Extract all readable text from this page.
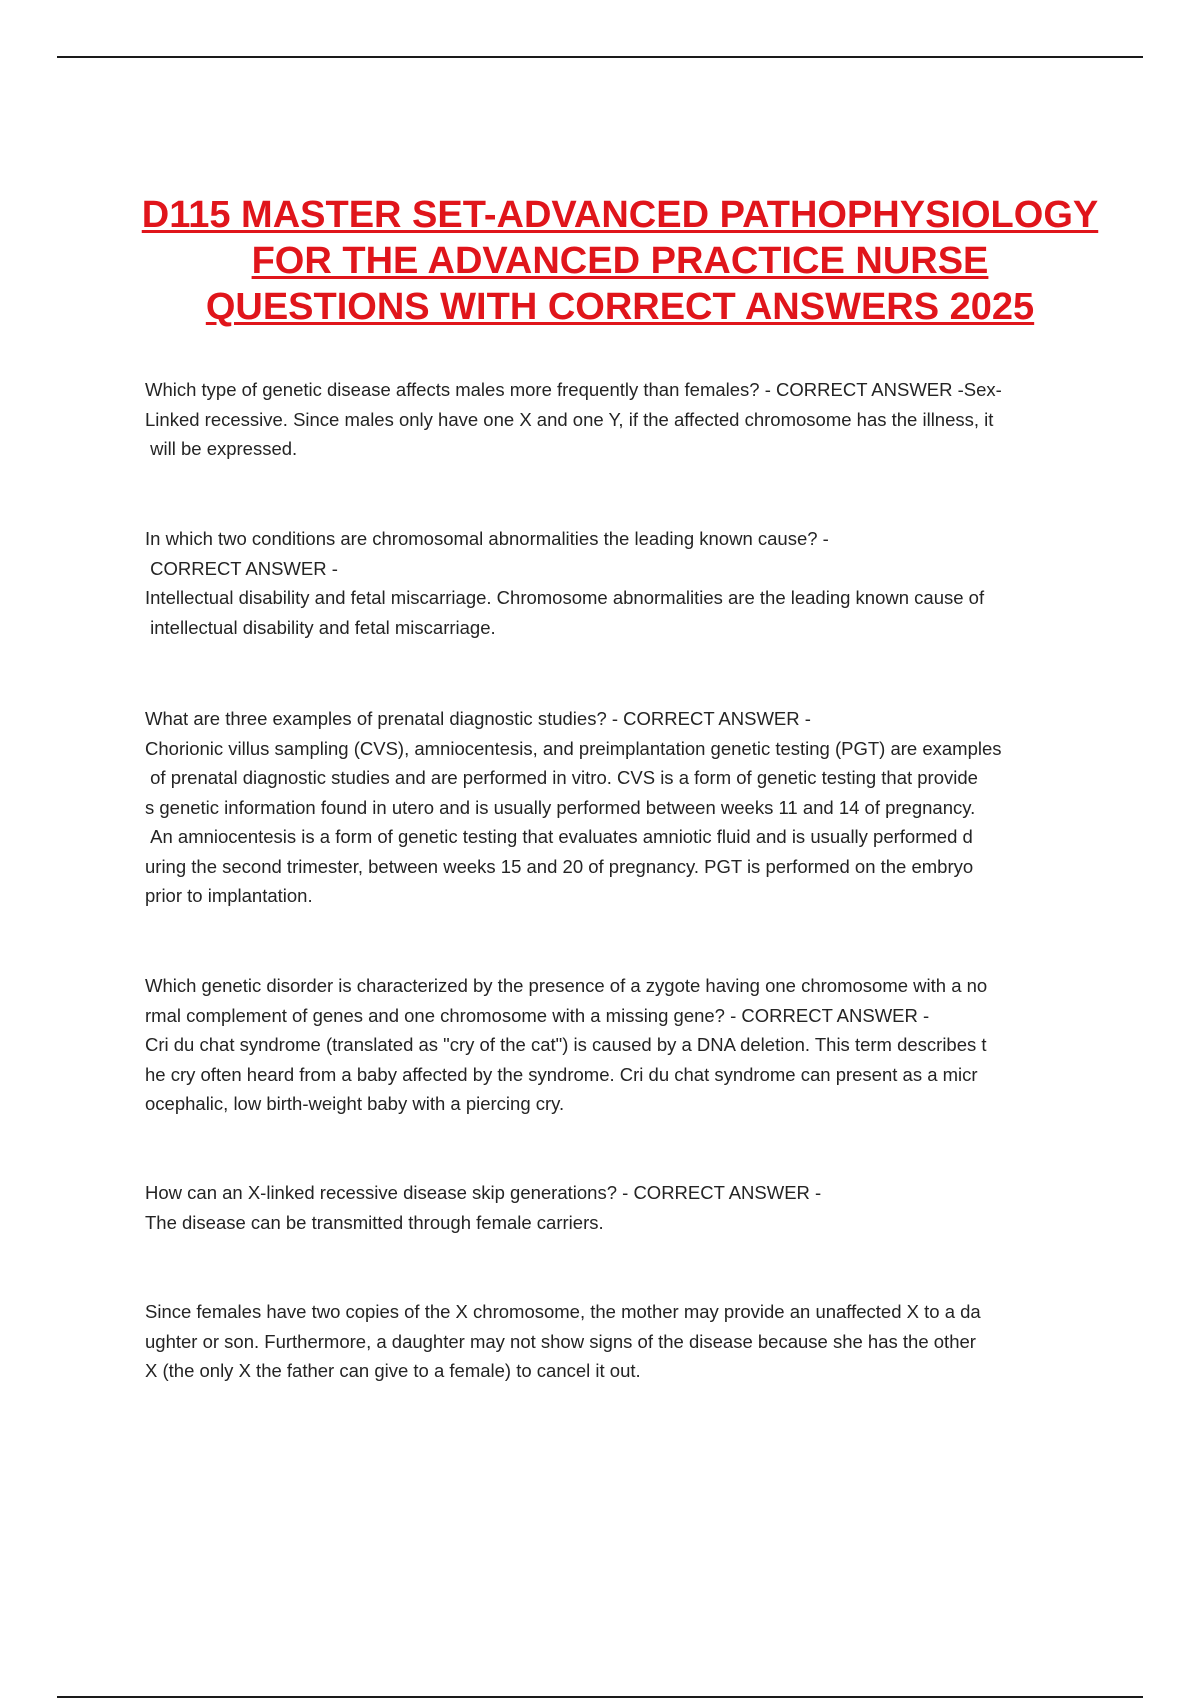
D115 MASTER SET-ADVANCED PATHOPHYSIOLOGY FOR THE ADVANCED PRACTICE NURSE QUESTIONS WITH CORRECT ANSWERS 2025

Which type of genetic disease affects males more frequently than females? - CORRECT ANSWER -Sex-

Linked recessive. Since males only have one X and one Y, if the affected chromosome has the illness, it

will be expressed.

In which two conditions are chromosomal abnormalities the leading known cause? -

CORRECT ANSWER -

Intellectual disability and fetal miscarriage. Chromosome abnormalities are the leading known cause of

intellectual disability and fetal miscarriage.

What are three examples of prenatal diagnostic studies? - CORRECT ANSWER -

Chorionic villus sampling (CVS), amniocentesis, and preimplantation genetic testing (PGT) are examples

of prenatal diagnostic studies and are performed in vitro. CVS is a form of genetic testing that provide

s genetic information found in utero and is usually performed between weeks 11 and 14 of pregnancy.

An amniocentesis is a form of genetic testing that evaluates amniotic fluid and is usually performed d

uring the second trimester, between weeks 15 and 20 of pregnancy. PGT is performed on the embryo

prior to implantation.

Which genetic disorder is characterized by the presence of a zygote having one chromosome with a no

rmal complement of genes and one chromosome with a missing gene? - CORRECT ANSWER -

Cri du chat syndrome (translated as "cry of the cat") is caused by a DNA deletion. This term describes t

he cry often heard from a baby affected by the syndrome. Cri du chat syndrome can present as a micr

ocephalic, low birth-weight baby with a piercing cry.

How can an X-linked recessive disease skip generations? - CORRECT ANSWER -

The disease can be transmitted through female carriers.

Since females have two copies of the X chromosome, the mother may provide an unaffected X to a da

ughter or son. Furthermore, a daughter may not show signs of the disease because she has the other

X (the only X the father can give to a female) to cancel it out.
